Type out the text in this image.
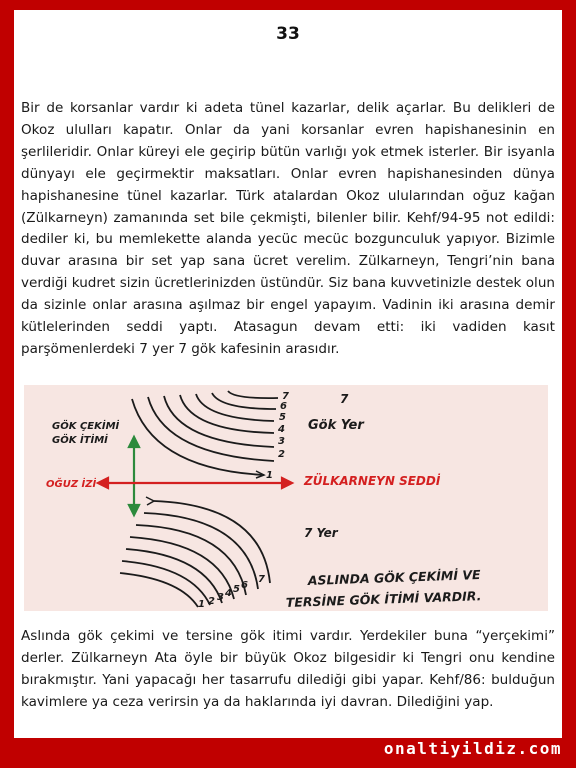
33

Bir de korsanlar vardır ki adeta tünel kazarlar, delik açarlar. Bu delikleri de Okoz ululları kapatır. Onlar da yani korsanlar evren hapishanesinin en şerlileridir. Onlar küreyi ele geçirip bütün varlığı yok etmek isterler. Bir isyanla dünyayı ele geçirmektir maksatları. Onlar evren hapishanesinden dünya hapishanesine tünel kazarlar. Türk atalardan Okoz ulularından oğuz kağan (Zülkarneyn) zamanında set bile çekmişti, bilenler bilir. Kehf/94-95 not edildi: dediler ki, bu memlekette alanda yecüc mecüc bozgunculuk yapıyor. Bizimle duvar arasına bir set yap sana ücret verelim. Zülkarneyn, Tengri’nin bana verdiği kudret sizin ücretlerinizden üstündür. Siz bana kuvvetinizle destek olun da sizinle onlar arasına aşılmaz bir engel yapayım. Vadinin iki arasına demir kütlelerinden seddi yaptı. Atasagun devam etti: iki vadiden kasıt parşömenlerdeki 7 yer 7 gök kafesinin arasıdır.

1
2
3
4
5
6
7
1 2 3 4 5 6
7
GÖK ÇEKİMİ
GÖK İTİMİ
OĞUZ İZİ	ZÜLKARNEYN SEDDİ
7
Gök Yer
7 Yer
ASLINDA GÖK ÇEKİMİ VE
TERSİNE GÖK İTİMİ VARDIR.

Aslında gök çekimi ve tersine gök itimi vardır. Yerdekiler buna “yerçekimi” derler. Zülkarneyn Ata öyle bir büyük Okoz bilgesidir ki Tengri onu kendine bırakmıştır. Yani yapacağı her tasarrufu dilediği gibi yapar. Kehf/86: bulduğun kavimlere ya ceza verirsin ya da haklarında iyi davran. Dilediğini yap.

onaltiyildiz.com
